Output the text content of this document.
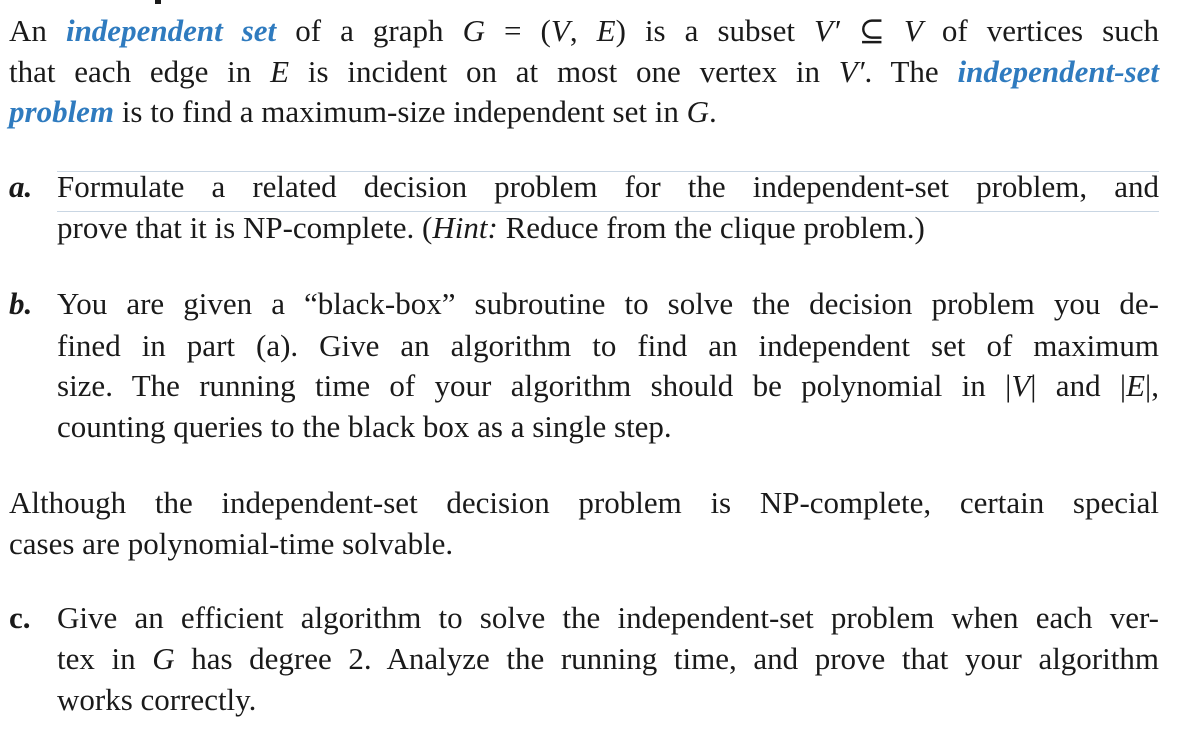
An independent set of a graph G = (V, E) is a subset V′ ⊆ V of vertices such
that each edge in E is incident on at most one vertex in V′. The independent-set
problem is to find a maximum-size independent set in G.
a. Formulate a related decision problem for the independent-set problem, and
prove that it is NP-complete. (Hint: Reduce from the clique problem.)
b. You are given a “black-box” subroutine to solve the decision problem you de-
fined in part (a). Give an algorithm to find an independent set of maximum
size. The running time of your algorithm should be polynomial in |V| and |E|,
counting queries to the black box as a single step.
Although the independent-set decision problem is NP-complete, certain special
cases are polynomial-time solvable.
c. Give an efficient algorithm to solve the independent-set problem when each ver-
tex in G has degree 2. Analyze the running time, and prove that your algorithm
works correctly.
